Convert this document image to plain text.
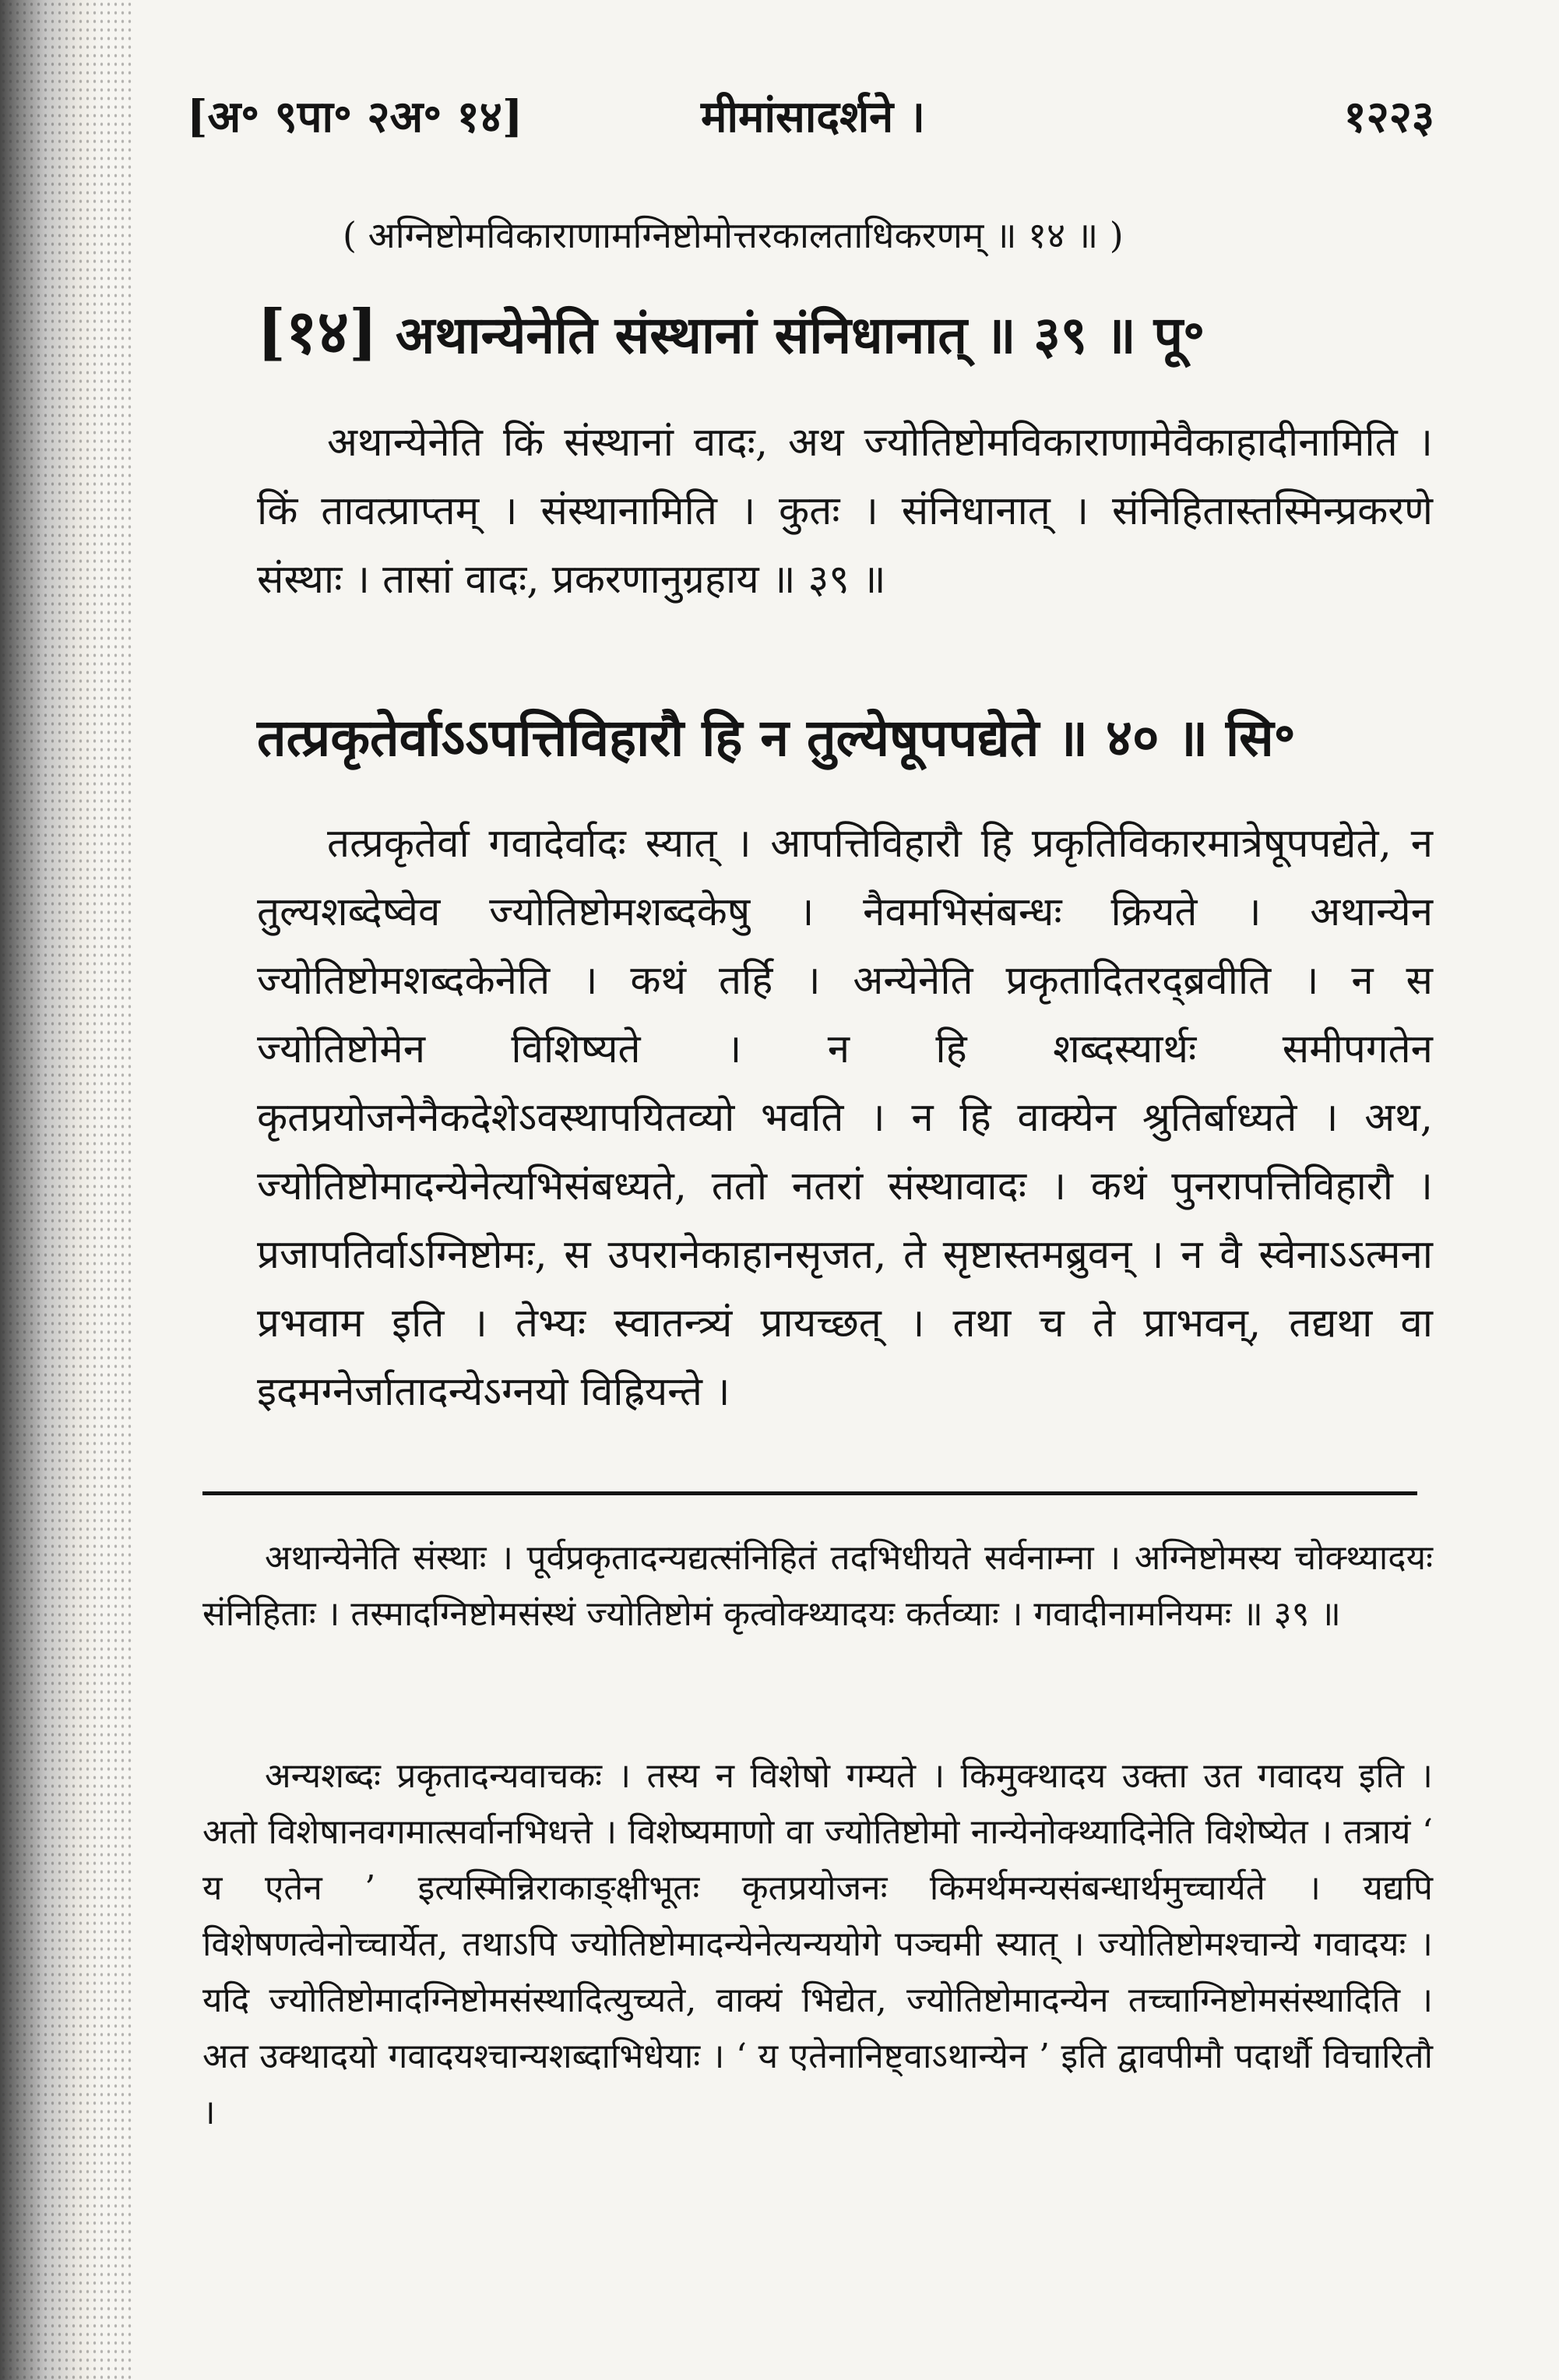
[अ॰ ९पा॰ २अ॰ १४]	मीमांसादर्शने ।	१२२३
( अग्निष्टोमविकाराणामग्निष्टोमोत्तरकालताधिकरणम् ॥ १४ ॥ )
[१४] अथान्येनेति संस्थानां संनिधानात् ॥ ३९ ॥ पू॰

अथान्येनेति किं संस्थानां वादः, अथ ज्योतिष्टोमविकाराणामेवैकाहादीनामिति । किं तावत्प्राप्तम् । संस्थानामिति । कुतः । संनिधानात् । संनिहितास्तस्मिन्प्रकरणे संस्थाः । तासां वादः, प्रकरणानुग्रहाय ॥ ३९ ॥

तत्प्रकृतेर्वाऽऽपत्तिविहारौ हि न तुल्येषूपपद्येते ॥ ४० ॥ सि॰

तत्प्रकृतेर्वा गवादेर्वादः स्यात् । आपत्तिविहारौ हि प्रकृतिविकारमात्रेषूपपद्येते, न तुल्यशब्देष्वेव ज्योतिष्टोमशब्दकेषु । नैवमभिसंबन्धः क्रियते । अथान्येन ज्योतिष्टोमशब्दकेनेति । कथं तर्हि । अन्येनेति प्रकृतादितरद्ब्रवीति । न स ज्योतिष्टोमेन विशिष्यते । न हि शब्दस्यार्थः समीपगतेन कृतप्रयोजनेनैकदेशेऽवस्थापयितव्यो भवति । न हि वाक्येन श्रुतिर्बाध्यते । अथ, ज्योतिष्टोमादन्येनेत्यभिसंबध्यते, ततो नतरां संस्थावादः । कथं पुनरापत्तिविहारौ । प्रजापतिर्वाऽग्निष्टोमः, स उपरानेकाहानसृजत, ते सृष्टास्तमब्रुवन् । न वै स्वेनाऽऽत्मना प्रभवाम इति । तेभ्यः स्वातन्त्र्यं प्रायच्छत् । तथा च ते प्राभवन्, तद्यथा वा इदमग्नेर्जातादन्येऽग्नयो विह्रियन्ते ।

अथान्येनेति संस्थाः । पूर्वप्रकृतादन्यद्यत्संनिहितं तदभिधीयते सर्वनाम्ना । अग्निष्टोमस्य चोक्थ्यादयः संनिहिताः । तस्मादग्निष्टोमसंस्थं ज्योतिष्टोमं कृत्वोक्थ्यादयः कर्तव्याः । गवादीनामनियमः ॥ ३९ ॥

अन्यशब्दः प्रकृतादन्यवाचकः । तस्य न विशेषो गम्यते । किमुक्थादय उक्ता उत गवादय इति । अतो विशेषानवगमात्सर्वानभिधत्ते । विशेष्यमाणो वा ज्योतिष्टोमो नान्येनोक्थ्यादिनेति विशेष्येत । तत्रायं ‘ य एतेन ’ इत्यस्मिन्निराकाङ्क्षीभूतः कृतप्रयोजनः किमर्थमन्यसंबन्धार्थमुच्चार्यते । यद्यपि विशेषणत्वेनोच्चार्येत, तथाऽपि ज्योतिष्टोमादन्येनेत्यन्ययोगे पञ्चमी स्यात् । ज्योतिष्टोमश्चान्ये गवादयः । यदि ज्योतिष्टोमादग्निष्टोमसंस्थादित्युच्यते, वाक्यं भिद्येत, ज्योतिष्टोमादन्येन तच्चाग्निष्टोमसंस्थादिति । अत उक्थादयो गवादयश्चान्यशब्दाभिधेयाः । ‘ य एतेनानिष्ट्वाऽथान्येन ’ इति द्वावपीमौ पदार्थौ विचारितौ ।
